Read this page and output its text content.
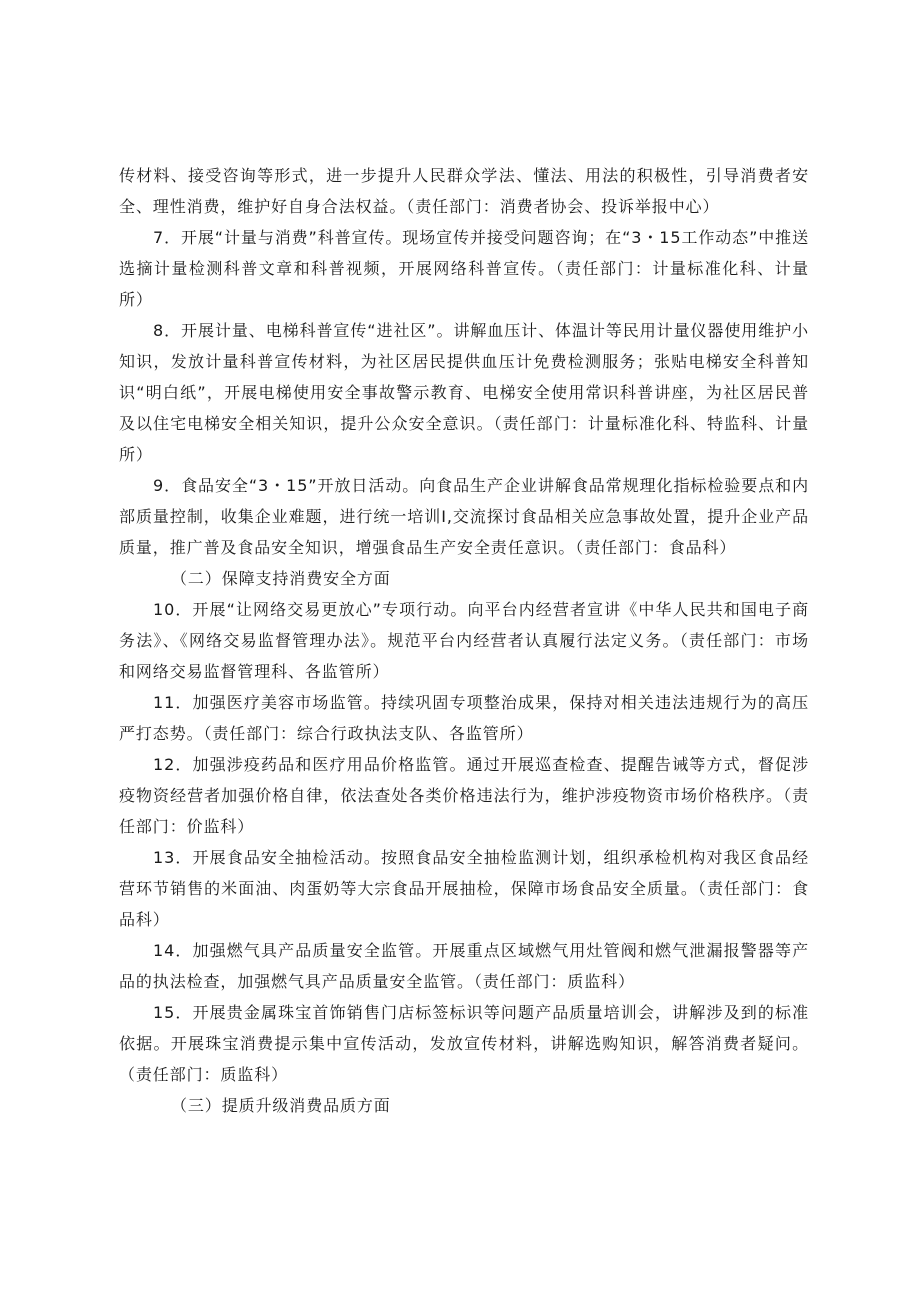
传材料、接受咨询等形式，进一步提升人民群众学法、懂法、用法的积极性，引导消费者安全、理性消费，维护好自身合法权益。（责任部门：消费者协会、投诉举报中心）

7．开展“计量与消费”科普宣传。现场宣传并接受问题咨询；在“3・15工作动态”中推送选摘计量检测科普文章和科普视频，开展网络科普宣传。（责任部门：计量标准化科、计量所）

8．开展计量、电梯科普宣传“进社区”。讲解血压计、体温计等民用计量仪器使用维护小知识，发放计量科普宣传材料，为社区居民提供血压计免费检测服务；张贴电梯安全科普知识“明白纸”，开展电梯使用安全事故警示教育、电梯安全使用常识科普讲座，为社区居民普及以住宅电梯安全相关知识，提升公众安全意识。（责任部门：计量标准化科、特监科、计量所）

9．食品安全“3・15”开放日活动。向食品生产企业讲解食品常规理化指标检验要点和内部质量控制，收集企业难题，进行统一培训Ⅰ,交流探讨食品相关应急事故处置，提升企业产品质量，推广普及食品安全知识，增强食品生产安全责任意识。（责任部门：食品科）

（二）保障支持消费安全方面

10．开展“让网络交易更放心”专项行动。向平台内经营者宣讲《中华人民共和国电子商务法》、《网络交易监督管理办法》。规范平台内经营者认真履行法定义务。（责任部门：市场和网络交易监督管理科、各监管所）

11．加强医疗美容市场监管。持续巩固专项整治成果，保持对相关违法违规行为的高压严打态势。（责任部门：综合行政执法支队、各监管所）

12．加强涉疫药品和医疗用品价格监管。通过开展巡查检查、提醒告诫等方式，督促涉疫物资经营者加强价格自律，依法查处各类价格违法行为，维护涉疫物资市场价格秩序。（责任部门：价监科）

13．开展食品安全抽检活动。按照食品安全抽检监测计划，组织承检机构对我区食品经营环节销售的米面油、肉蛋奶等大宗食品开展抽检，保障市场食品安全质量。（责任部门：食品科）

14．加强燃气具产品质量安全监管。开展重点区域燃气用灶管阀和燃气泄漏报警器等产品的执法检查，加强燃气具产品质量安全监管。（责任部门：质监科）

15．开展贵金属珠宝首饰销售门店标签标识等问题产品质量培训会，讲解涉及到的标准依据。开展珠宝消费提示集中宣传活动，发放宣传材料，讲解选购知识，解答消费者疑问。（责任部门：质监科）

（三）提质升级消费品质方面
